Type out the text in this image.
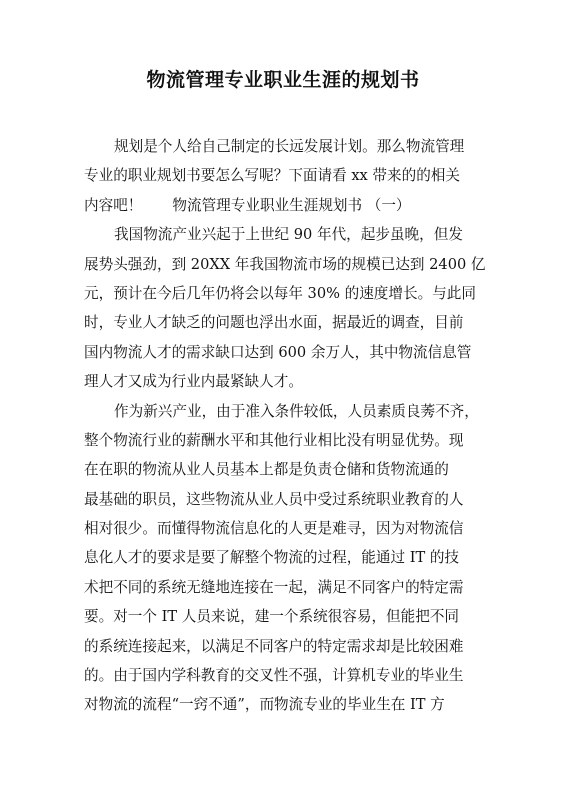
物流管理专业职业生涯的规划书
规划是个人给自己制定的长远发展计划。那么物流管理
专业的职业规划书要怎么写呢？下面请看 xx 带来的的相关
内容吧！ 物流管理专业职业生涯规划书 （一）
我国物流产业兴起于上世纪 90 年代，起步虽晚，但发
展势头强劲，到 20XX 年我国物流市场的规模已达到 2400 亿
元，预计在今后几年仍将会以每年 30% 的速度增长。与此同
时，专业人才缺乏的问题也浮出水面，据最近的调查，目前
国内物流人才的需求缺口达到 600 余万人，其中物流信息管
理人才又成为行业内最紧缺人才。
作为新兴产业，由于准入条件较低，人员素质良莠不齐，
整个物流行业的薪酬水平和其他行业相比没有明显优势。现
在在职的物流从业人员基本上都是负责仓储和货物流通的
最基础的职员，这些物流从业人员中受过系统职业教育的人
相对很少。而懂得物流信息化的人更是难寻，因为对物流信
息化人才的要求是要了解整个物流的过程，能通过 IT 的技
术把不同的系统无缝地连接在一起，满足不同客户的特定需
要。对一个 IT 人员来说，建一个系统很容易，但能把不同
的系统连接起来，以满足不同客户的特定需求却是比较困难
的。由于国内学科教育的交叉性不强，计算机专业的毕业生
对物流的流程“一窍不通”，而物流专业的毕业生在 IT 方
